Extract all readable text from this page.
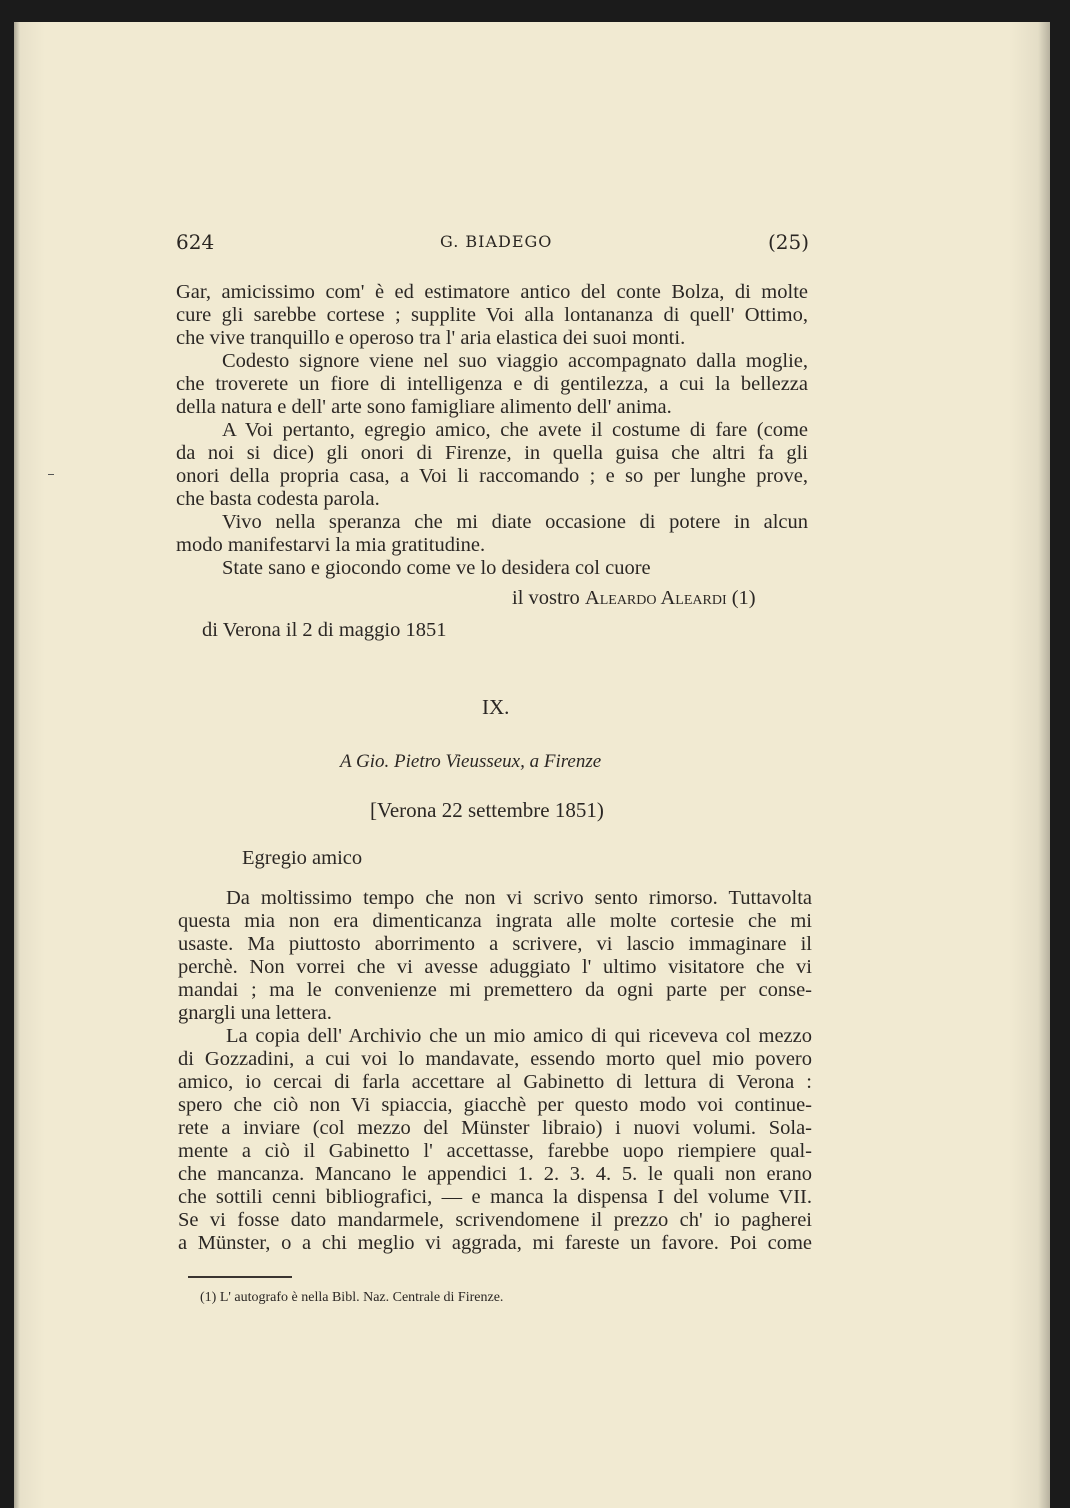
624	G. BIADEGO	(25)
Gar, amicissimo com' è ed estimatore antico del conte Bolza, di molte
cure gli sarebbe cortese ; supplite Voi alla lontananza di quell' Ottimo,
che vive tranquillo e operoso tra l' aria elastica dei suoi monti.
Codesto signore viene nel suo viaggio accompagnato dalla moglie,
che troverete un fiore di intelligenza e di gentilezza, a cui la bellezza
della natura e dell' arte sono famigliare alimento dell' anima.
A Voi pertanto, egregio amico, che avete il costume di fare (come
da noi si dice) gli onori di Firenze, in quella guisa che altri fa gli
onori della propria casa, a Voi li raccomando ; e so per lunghe prove,
che basta codesta parola.
Vivo nella speranza che mi diate occasione di potere in alcun
modo manifestarvi la mia gratitudine.
State sano e giocondo come ve lo desidera col cuore
il vostro Aleardo Aleardi (1)
di Verona il 2 di maggio 1851
IX.
A Gio. Pietro Vieusseux, a Firenze
[Verona 22 settembre 1851)
Egregio amico
Da moltissimo tempo che non vi scrivo sento rimorso. Tuttavolta
questa mia non era dimenticanza ingrata alle molte cortesie che mi
usaste. Ma piuttosto aborrimento a scrivere, vi lascio immaginare il
perchè. Non vorrei che vi avesse aduggiato l' ultimo visitatore che vi
mandai ; ma le convenienze mi premettero da ogni parte per conse-
gnargli una lettera.
La copia dell' Archivio che un mio amico di qui riceveva col mezzo
di Gozzadini, a cui voi lo mandavate, essendo morto quel mio povero
amico, io cercai di farla accettare al Gabinetto di lettura di Verona :
spero che ciò non Vi spiaccia, giacchè per questo modo voi continue-
rete a inviare (col mezzo del Münster libraio) i nuovi volumi. Sola-
mente a ciò il Gabinetto l' accettasse, farebbe uopo riempiere qual-
che mancanza. Mancano le appendici 1. 2. 3. 4. 5. le quali non erano
che sottili cenni bibliografici, — e manca la dispensa I del volume VII.
Se vi fosse dato mandarmele, scrivendomene il prezzo ch' io pagherei
a Münster, o a chi meglio vi aggrada, mi fareste un favore. Poi come
(1) L' autografo è nella Bibl. Naz. Centrale di Firenze.
